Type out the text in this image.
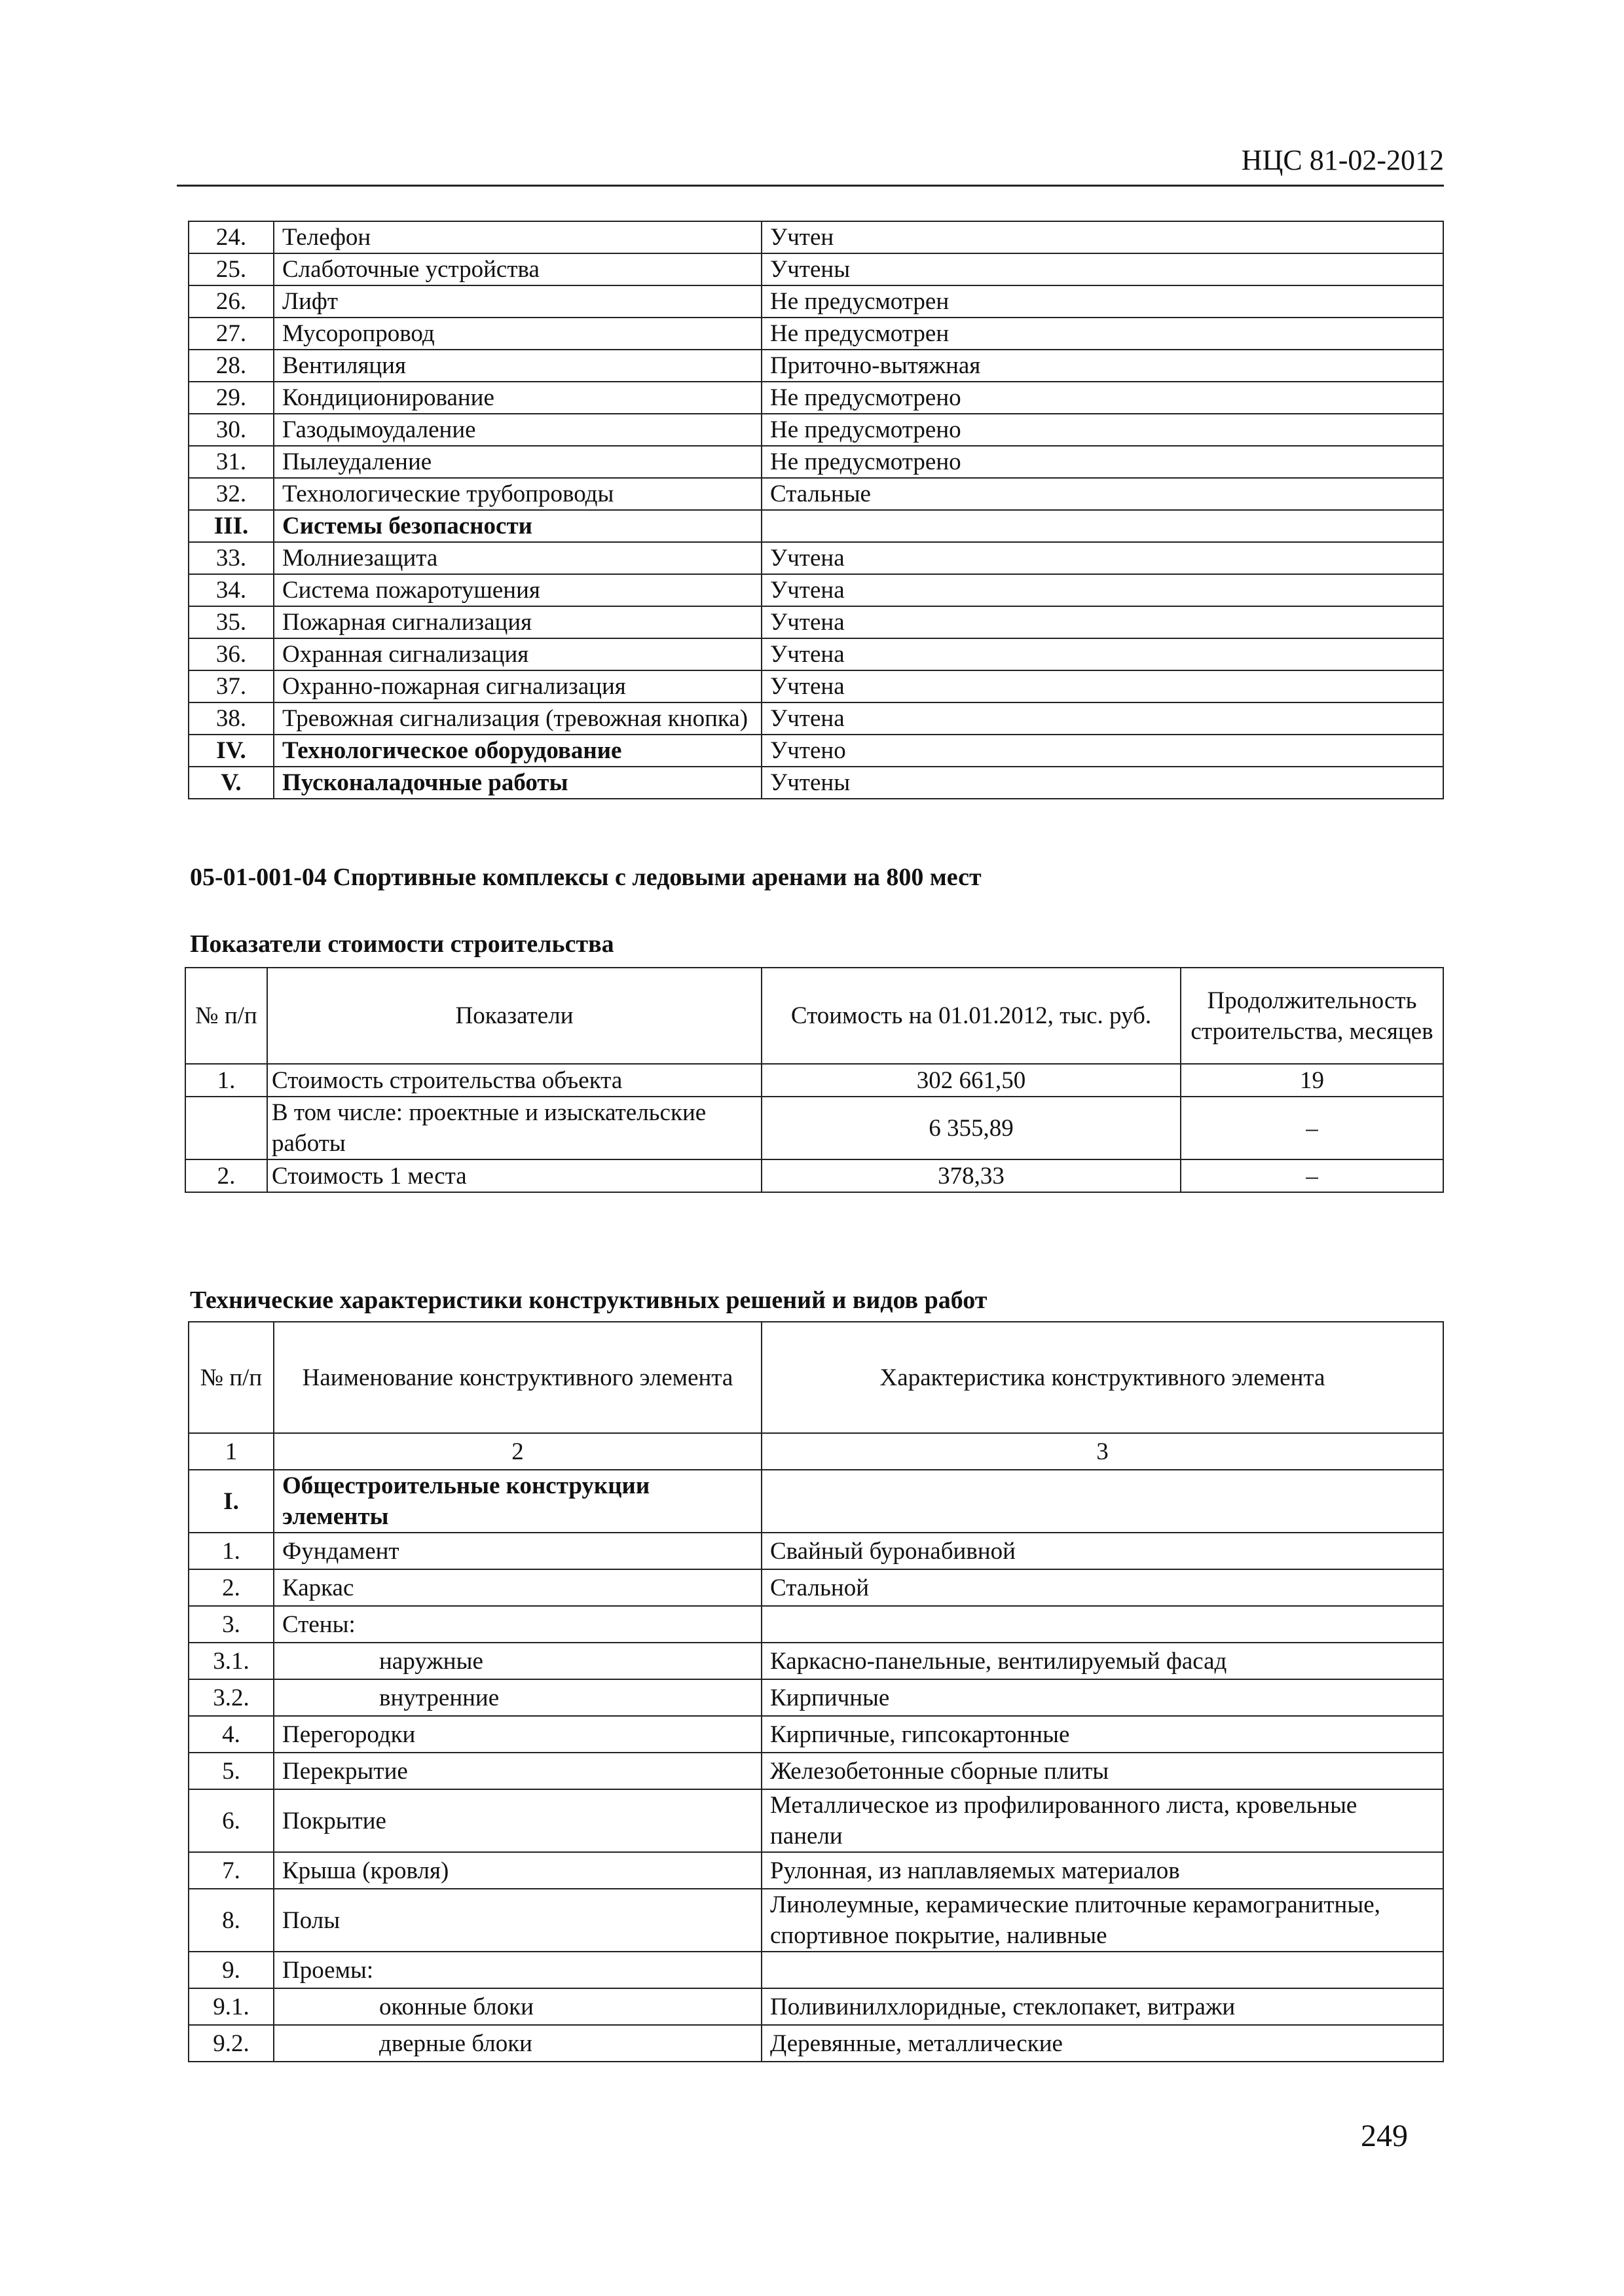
НЦС 81-02-2012
24.	Телефон	Учтен
25.	Слаботочные устройства	Учтены
26.	Лифт	Не предусмотрен
27.	Мусоропровод	Не предусмотрен
28.	Вентиляция	Приточно-вытяжная
29.	Кондиционирование	Не предусмотрено
30.	Газодымоудаление	Не предусмотрено
31.	Пылеудаление	Не предусмотрено
32.	Технологические трубопроводы	Стальные
III.	Системы безопасности	
33.	Молниезащита	Учтена
34.	Система пожаротушения	Учтена
35.	Пожарная сигнализация	Учтена
36.	Охранная сигнализация	Учтена
37.	Охранно-пожарная сигнализация	Учтена
38.	Тревожная сигнализация (тревожная кнопка)	Учтена
IV.	Технологическое оборудование	Учтено
V.	Пусконаладочные работы	Учтены
05-01-001-04 Спортивные комплексы с ледовыми аренами на 800 мест
Показатели стоимости строительства
№ п/п	Показатели	Стоимость на 01.01.2012, тыс. руб.	Продолжительность строительства, месяцев
1.	Стоимость строительства объекта	302 661,50	19
	В том числе: проектные и изыскательские работы	6 355,89	–
2.	Стоимость 1 места	378,33	–
Технические характеристики конструктивных решений и видов работ
№ п/п	Наименование конструктивного элемента	Характеристика конструктивного элемента
1	2	3
I.	Общестроительные конструкции элементы	
1.	Фундамент	Свайный буронабивной
2.	Каркас	Стальной
3.	Стены:	
3.1.	наружные	Каркасно-панельные, вентилируемый фасад
3.2.	внутренние	Кирпичные
4.	Перегородки	Кирпичные, гипсокартонные
5.	Перекрытие	Железобетонные сборные плиты
6.	Покрытие	Металлическое из профилированного листа, кровельные панели
7.	Крыша (кровля)	Рулонная, из наплавляемых материалов
8.	Полы	Линолеумные, керамические плиточные керамогранитные, спортивное покрытие, наливные
9.	Проемы:	
9.1.	оконные блоки	Поливинилхлоридные, стеклопакет, витражи
9.2.	дверные блоки	Деревянные, металлические
249
